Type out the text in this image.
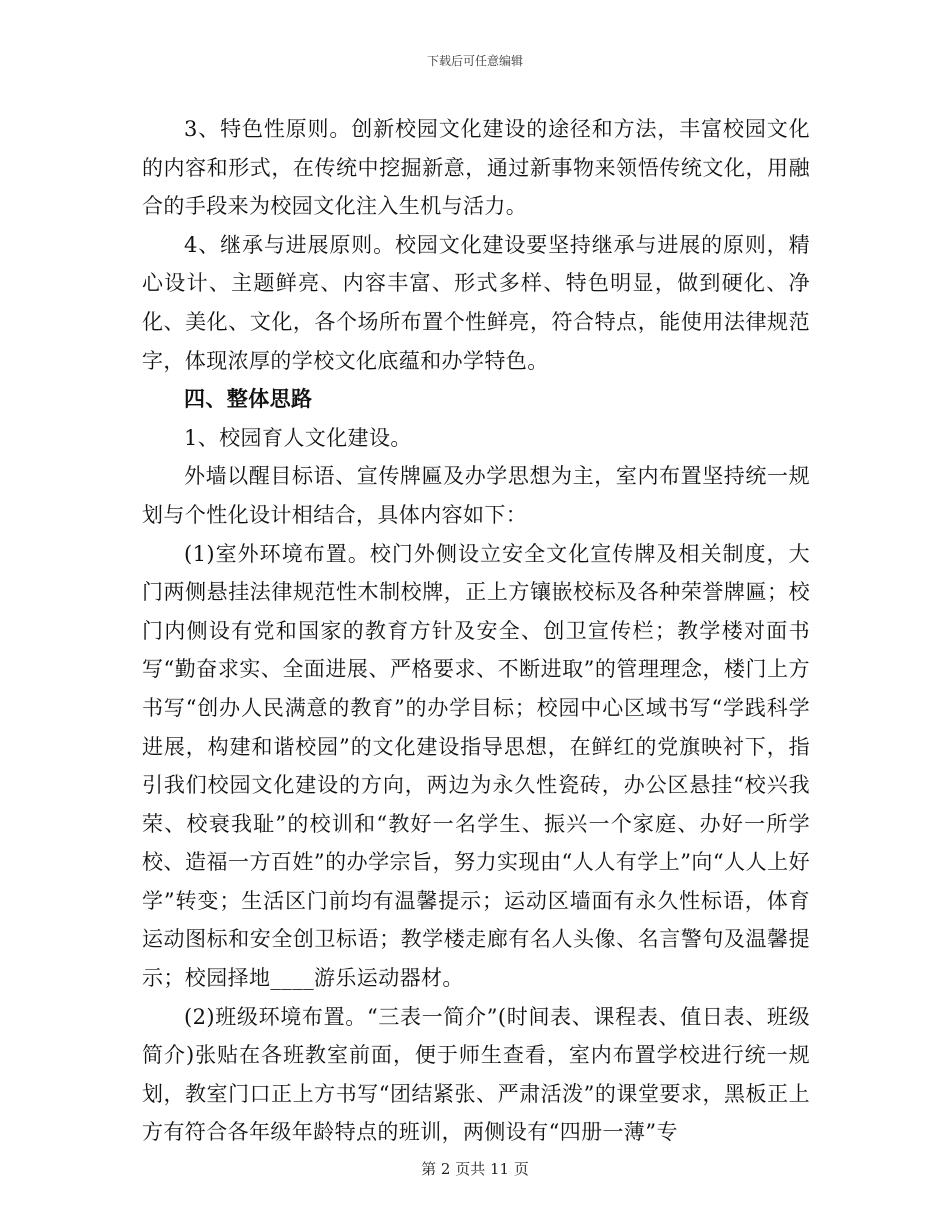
下载后可任意编辑

3、特色性原则。创新校园文化建设的途径和方法，丰富校园文化的内容和形式，在传统中挖掘新意，通过新事物来领悟传统文化，用融合的手段来为校园文化注入生机与活力。

4、继承与进展原则。校园文化建设要坚持继承与进展的原则，精心设计、主题鲜亮、内容丰富、形式多样、特色明显，做到硬化、净化、美化、文化，各个场所布置个性鲜亮，符合特点，能使用法律规范字，体现浓厚的学校文化底蕴和办学特色。

四、整体思路

1、校园育人文化建设。

外墙以醒目标语、宣传牌匾及办学思想为主，室内布置坚持统一规划与个性化设计相结合，具体内容如下：

(1)室外环境布置。校门外侧设立安全文化宣传牌及相关制度，大门两侧悬挂法律规范性木制校牌，正上方镶嵌校标及各种荣誉牌匾；校门内侧设有党和国家的教育方针及安全、创卫宣传栏；教学楼对面书写“勤奋求实、全面进展、严格要求、不断进取”的管理理念，楼门上方书写“创办人民满意的教育”的办学目标；校园中心区域书写“学践科学进展，构建和谐校园”的文化建设指导思想，在鲜红的党旗映衬下，指引我们校园文化建设的方向，两边为永久性瓷砖，办公区悬挂“校兴我荣、校衰我耻”的校训和“教好一名学生、振兴一个家庭、办好一所学校、造福一方百姓”的办学宗旨，努力实现由“人人有学上”向“人人上好学”转变；生活区门前均有温馨提示；运动区墙面有永久性标语，体育运动图标和安全创卫标语；教学楼走廊有名人头像、名言警句及温馨提示；校园择地____游乐运动器材。

(2)班级环境布置。“三表一简介”(时间表、课程表、值日表、班级简介)张贴在各班教室前面，便于师生查看，室内布置学校进行统一规划，教室门口正上方书写“团结紧张、严肃活泼”的课堂要求，黑板正上方有符合各年级年龄特点的班训，两侧设有“四册一薄”专

第 2 页共 11 页
